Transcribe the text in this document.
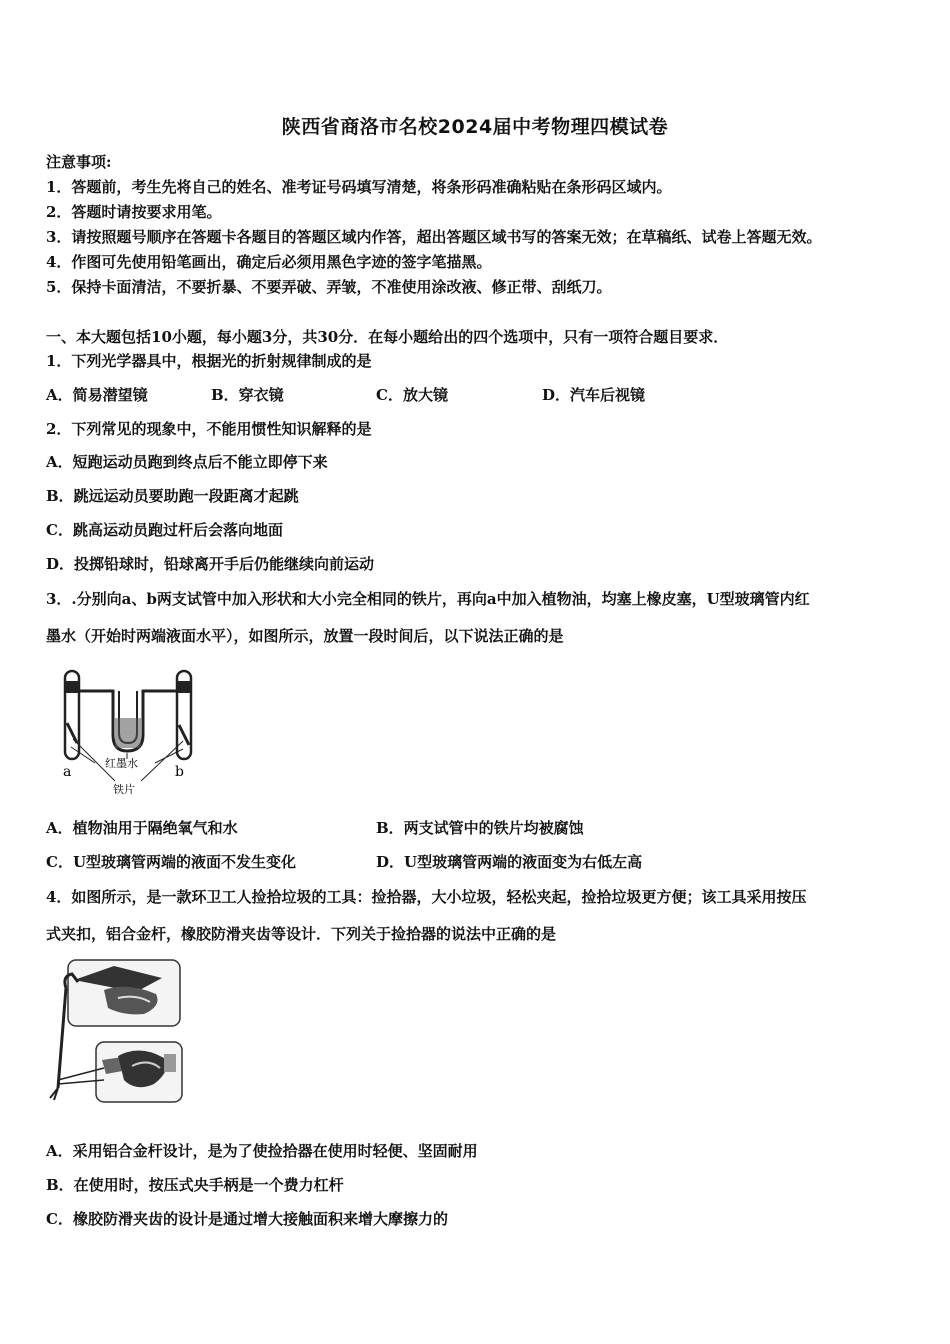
陕西省商洛市名校2024届中考物理四模试卷
注意事项:
1．答题前，考生先将自己的姓名、准考证号码填写清楚，将条形码准确粘贴在条形码区域内。
2．答题时请按要求用笔。
3．请按照题号顺序在答题卡各题目的答题区域内作答，超出答题区域书写的答案无效；在草稿纸、试卷上答题无效。
4．作图可先使用铅笔画出，确定后必须用黑色字迹的签字笔描黑。
5．保持卡面清洁，不要折暴、不要弄破、弄皱，不准使用涂改液、修正带、刮纸刀。
一、本大题包括10小题，每小题3分，共30分．在每小题给出的四个选项中，只有一项符合题目要求．
1．下列光学器具中，根据光的折射规律制成的是
A．简易潜望镜	B．穿衣镜	C．放大镜	D．汽车后视镜
2．下列常见的现象中，不能用惯性知识解释的是
A．短跑运动员跑到终点后不能立即停下来
B．跳远运动员要助跑一段距离才起跳
C．跳高运动员跑过杆后会落向地面
D．投掷铅球时，铅球离开手后仍能继续向前运动
3．.分别向a、b两支试管中加入形状和大小完全相同的铁片，再向a中加入植物油，均塞上橡皮塞，U型玻璃管内红
墨水（开始时两端液面水平），如图所示，放置一段时间后，以下说法正确的是
a	b
红墨水
铁片
A．植物油用于隔绝氧气和水	B．两支试管中的铁片均被腐蚀
C．U型玻璃管两端的液面不发生变化	D．U型玻璃管两端的液面变为右低左高
4．如图所示，是一款环卫工人捡拾垃圾的工具：捡拾器，大小垃圾，轻松夹起，捡拾垃圾更方便；该工具采用按压
式夹扣，铝合金杆，橡胶防滑夹齿等设计．下列关于捡拾器的说法中正确的是
A．采用铝合金杆设计，是为了使捡拾器在使用时轻便、坚固耐用
B．在使用时，按压式央手柄是一个费力杠杆
C．橡胶防滑夹齿的设计是通过增大接触面积来增大摩擦力的
